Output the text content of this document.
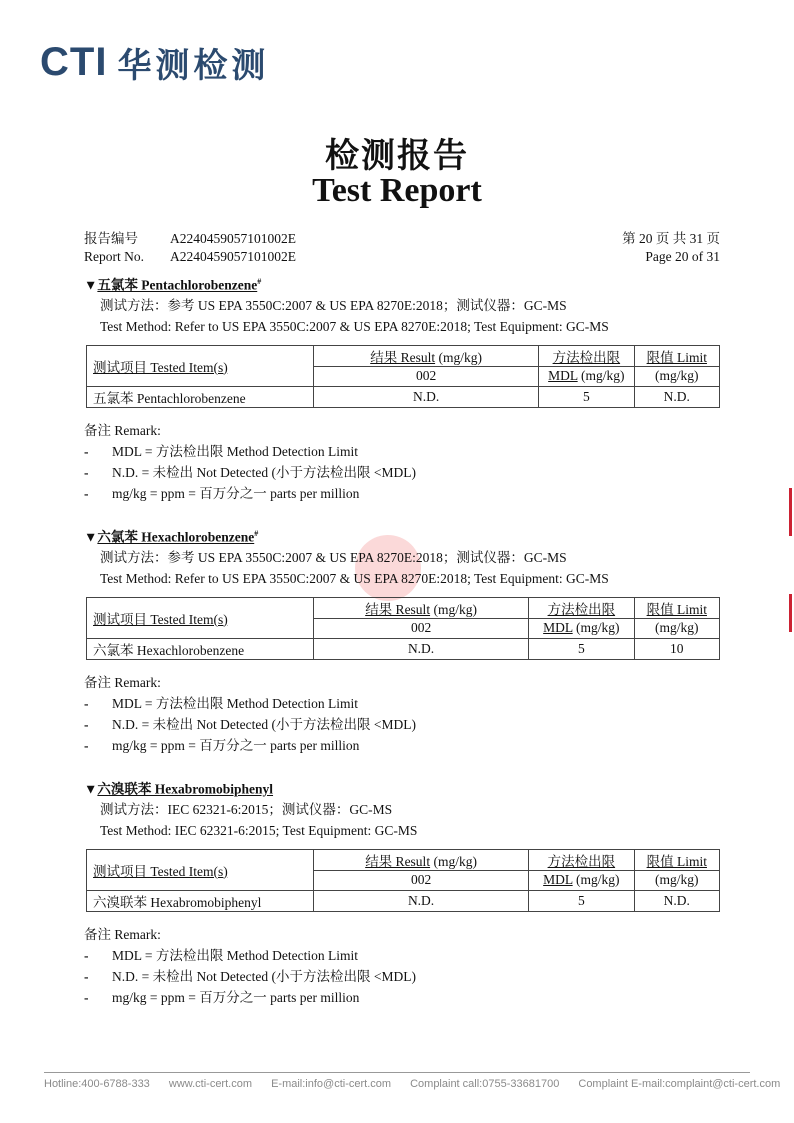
CTI 华测检测
检测报告
Test Report
报告编号	A2240459057101002E	第 20 页 共 31 页
Report No.	A2240459057101002E	Page 20 of 31
▼五氯苯 Pentachlorobenzene#
测试方法：参考 US EPA 3550C:2007 & US EPA 8270E:2018；测试仪器：GC-MS
Test Method: Refer to US EPA 3550C:2007 & US EPA 8270E:2018; Test Equipment: GC-MS
测试项目 Tested Item(s)	结果 Result (mg/kg)	方法检出限	限值 Limit
	002	MDL (mg/kg)	(mg/kg)
五氯苯 Pentachlorobenzene	N.D.	5	N.D.
备注 Remark:
-	MDL = 方法检出限 Method Detection Limit
-	N.D. = 未检出 Not Detected (小于方法检出限 <MDL)
-	mg/kg = ppm = 百万分之一 parts per million
▼六氯苯 Hexachlorobenzene#
测试方法：参考 US EPA 3550C:2007 & US EPA 8270E:2018；测试仪器：GC-MS
Test Method: Refer to US EPA 3550C:2007 & US EPA 8270E:2018; Test Equipment: GC-MS
测试项目 Tested Item(s)	结果 Result (mg/kg)	方法检出限	限值 Limit
	002	MDL (mg/kg)	(mg/kg)
六氯苯 Hexachlorobenzene	N.D.	5	10
备注 Remark:
-	MDL = 方法检出限 Method Detection Limit
-	N.D. = 未检出 Not Detected (小于方法检出限 <MDL)
-	mg/kg = ppm = 百万分之一 parts per million
▼六溴联苯 Hexabromobiphenyl
测试方法：IEC 62321-6:2015；测试仪器：GC-MS
Test Method: IEC 62321-6:2015; Test Equipment: GC-MS
测试项目 Tested Item(s)	结果 Result (mg/kg)	方法检出限	限值 Limit
	002	MDL (mg/kg)	(mg/kg)
六溴联苯 Hexabromobiphenyl	N.D.	5	N.D.
备注 Remark:
-	MDL = 方法检出限 Method Detection Limit
-	N.D. = 未检出 Not Detected (小于方法检出限 <MDL)
-	mg/kg = ppm = 百万分之一 parts per million
Hotline:400-6788-333 www.cti-cert.com E-mail:info@cti-cert.com Complaint call:0755-33681700 Complaint E-mail:complaint@cti-cert.com
